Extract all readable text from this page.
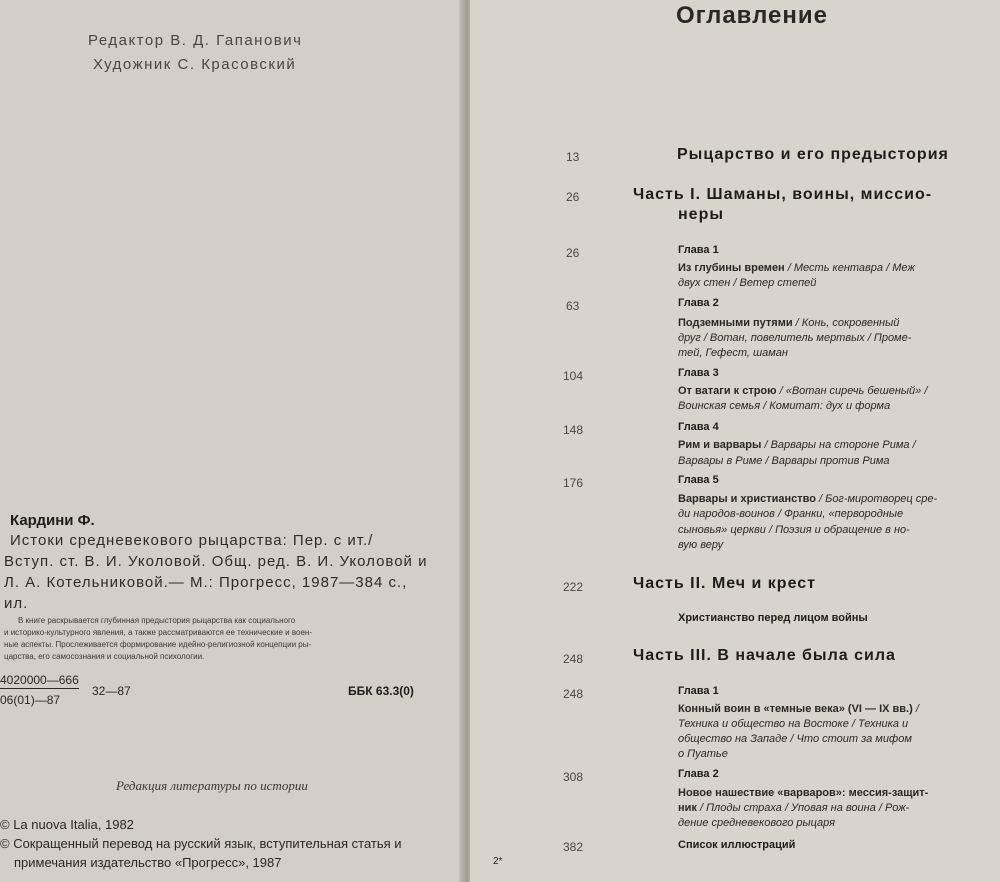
Редактор В. Д. Гапанович
Художник С. Красовский
Кардини Ф.
Истоки средневекового рыцарства: Пер. с ит./
Вступ. ст. В. И. Уколовой. Общ. ред. В. И. Уколовой и
Л. А. Котельниковой.— М.: Прогресс, 1987—384 с.,
ил.
В книге раскрывается глубинная предыстория рыцарства как социального
и историко-культурного явления, а также рассматриваются ее технические и воен-
ные аспекты. Прослеживается формирование идейно-религиозной концепции ры-
царства, его самосознания и социальной психологии.
4020000—666
06(01)—87
32—87	ББК 63.3(0)
Редакция литературы по истории
© La nuova Italia, 1982
© Сокращенный перевод на русский язык, вступительная статья и
примечания издательство «Прогресс», 1987
Оглавление
13	Рыцарство и его предыстория
26	Часть I. Шаманы, воины, миссио-
неры
26	Глава 1
Из глубины времен / Месть кентавра / Меж
двух стен / Ветер степей
63	Глава 2
Подземными путями / Конь, сокровенный
друг / Вотан, повелитель мертвых / Проме-
тей, Гефест, шаман
104	Глава 3
От ватаги к строю / «Вотан сиречь бешеный» /
Воинская семья / Комитат: дух и форма
148	Глава 4
Рим и варвары / Варвары на стороне Рима /
Варвары в Риме / Варвары против Рима
176	Глава 5
Варвары и христианство / Бог-миротворец сре-
ди народов-воинов / Франки, «первородные
сыновья» церкви / Поэзия и обращение в но-
вую веру
222	Часть II. Меч и крест
Христианство перед лицом войны
248	Часть III. В начале была сила
248	Глава 1
Конный воин в «темные века» (VI — IX вв.) /
Техника и общество на Востоке / Техника и
общество на Западе / Что стоит за мифом
о Пуатье
308	Глава 2
Новое нашествие «варваров»: мессия-защит-
ник / Плоды страха / Уповая на воина / Рож-
дение средневекового рыцаря
382	Список иллюстраций
2*
